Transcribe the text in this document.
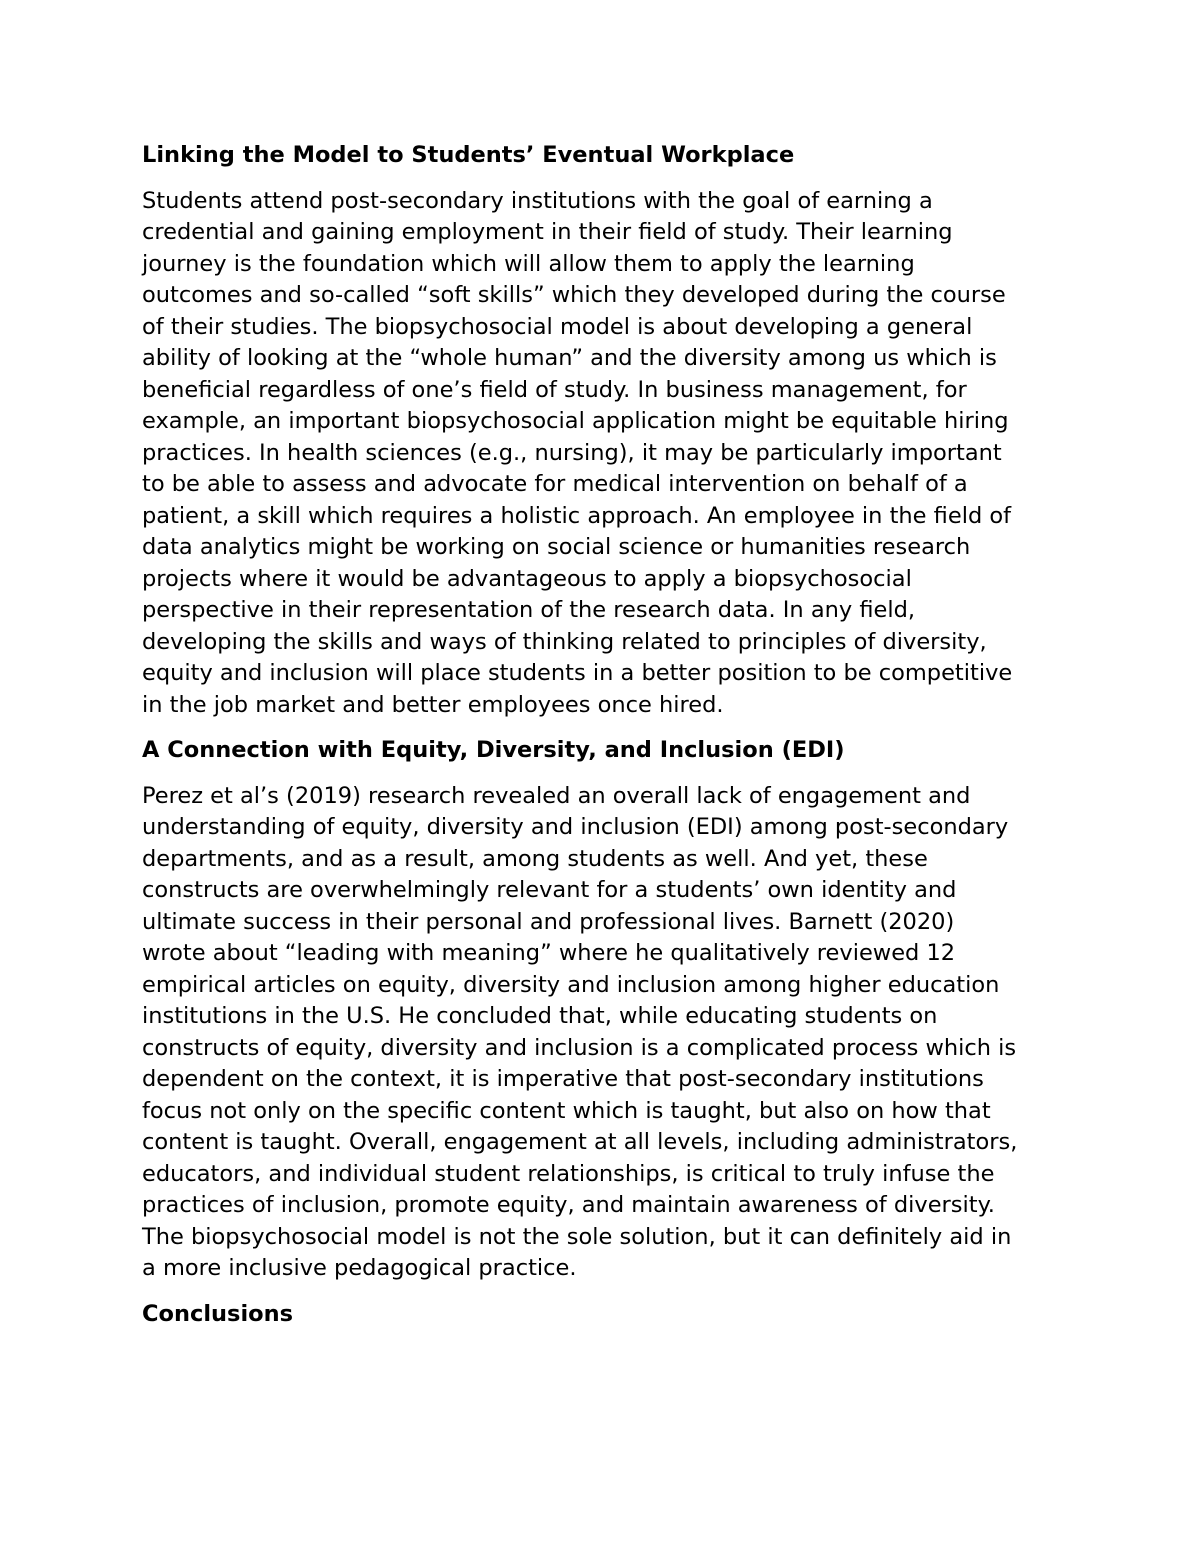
Linking the Model to Students’ Eventual Workplace

Students attend post-secondary institutions with the goal of earning a
credential and gaining employment in their field of study. Their learning
journey is the foundation which will allow them to apply the learning
outcomes and so-called “soft skills” which they developed during the course
of their studies. The biopsychosocial model is about developing a general
ability of looking at the “whole human” and the diversity among us which is
beneficial regardless of one’s field of study. In business management, for
example, an important biopsychosocial application might be equitable hiring
practices. In health sciences (e.g., nursing), it may be particularly important
to be able to assess and advocate for medical intervention on behalf of a
patient, a skill which requires a holistic approach. An employee in the field of
data analytics might be working on social science or humanities research
projects where it would be advantageous to apply a biopsychosocial
perspective in their representation of the research data. In any field,
developing the skills and ways of thinking related to principles of diversity,
equity and inclusion will place students in a better position to be competitive
in the job market and better employees once hired.

A Connection with Equity, Diversity, and Inclusion (EDI)

Perez et al’s (2019) research revealed an overall lack of engagement and
understanding of equity, diversity and inclusion (EDI) among post-secondary
departments, and as a result, among students as well. And yet, these
constructs are overwhelmingly relevant for a students’ own identity and
ultimate success in their personal and professional lives. Barnett (2020)
wrote about “leading with meaning” where he qualitatively reviewed 12
empirical articles on equity, diversity and inclusion among higher education
institutions in the U.S. He concluded that, while educating students on
constructs of equity, diversity and inclusion is a complicated process which is
dependent on the context, it is imperative that post-secondary institutions
focus not only on the specific content which is taught, but also on how that
content is taught. Overall, engagement at all levels, including administrators,
educators, and individual student relationships, is critical to truly infuse the
practices of inclusion, promote equity, and maintain awareness of diversity.
The biopsychosocial model is not the sole solution, but it can definitely aid in
a more inclusive pedagogical practice.

Conclusions
